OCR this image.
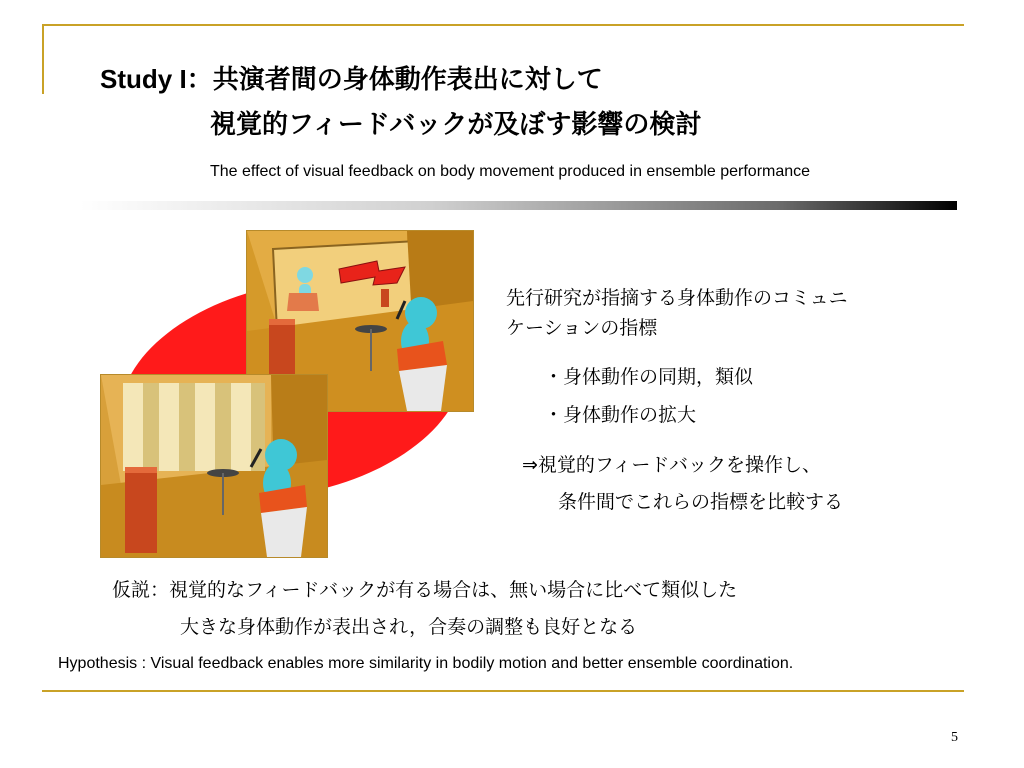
Study I：共演者間の身体動作表出に対して
視覚的フィードバックが及ぼす影響の検討
The effect of visual feedback on body movement produced in ensemble performance
先行研究が指摘する身体動作のコミュニ
ケーションの指標
・身体動作の同期，類似
・身体動作の拡大
⇒視覚的フィードバックを操作し、
条件間でこれらの指標を比較する
仮説：視覚的なフィードバックが有る場合は、無い場合に比べて類似した
大きな身体動作が表出され，合奏の調整も良好となる
Hypothesis : Visual feedback enables more similarity in bodily motion and better ensemble coordination.
5
